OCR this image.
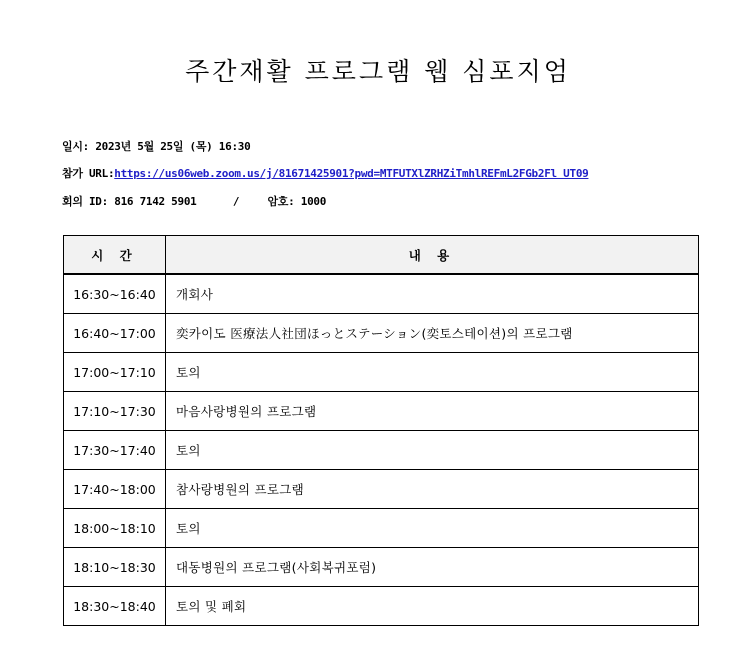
주간재활 프로그램 웹 심포지엄
일시: 2023년 5월 25일 (목) 16:30
참가 URL:https://us06web.zoom.us/j/81671425901?pwd=MTFUTXlZRHZiTmhlREFmL2FGb2Fl UT09
회의 ID: 816 7142 5901	/	암호: 1000
시 간	내 용
16:30~16:40	개회사
16:40~17:00	奕카이도 医療法人社団ほっとステーション(奕토스테이션)의 프로그램
17:00~17:10	토의
17:10~17:30	마음사랑병원의 프로그램
17:30~17:40	토의
17:40~18:00	참사랑병원의 프로그램
18:00~18:10	토의
18:10~18:30	대동병원의 프로그램(사회복귀포럼)
18:30~18:40	토의 및 폐회
